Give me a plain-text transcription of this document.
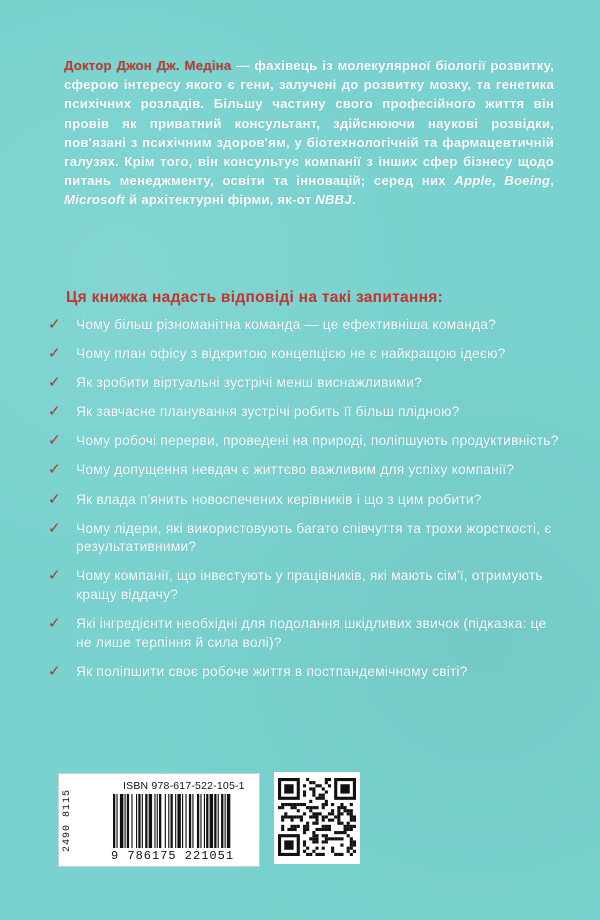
Доктор Джон Дж. Медіна — фахівець із молекулярної біології розвитку, сферою інтересу якого є гени, залучені до розвитку мозку, та генетика психічних розладів. Більшу частину свого професійного життя він провів як приватний консультант, здійснюючи наукові розвідки, пов'язані з психічним здоров'ям, у біотехнологічній та фармацевтичній галузях. Крім того, він консультує компанії з інших сфер бізнесу щодо питань менеджменту, освіти та інновацій; серед них Apple, Boeing, Microsoft й архітектурні фірми, як-от NBBJ.
Ця книжка надасть відповіді на такі запитання:
✓ Чому більш різноманітна команда — це ефективніша команда?
✓ Чому план офісу з відкритою концепцією не є найкращою ідеєю?
✓ Як зробити віртуальні зустрічі менш виснажливими?
✓ Як завчасне планування зустрічі робить її більш плідною?
✓ Чому робочі перерви, проведені на природі, поліпшують продуктивність?
✓ Чому допущення невдач є життєво важливим для успіху компанії?
✓ Як влада п'янить новоспечених керівників і що з цим робити?
✓ Чому лідери, які використовують багато співчуття та трохи жорсткості, є результативними?
✓ Чому компанії, що інвестують у працівників, які мають сім'ї, отримують кращу віддачу?
✓ Які інгредієнти необхідні для подолання шкідливих звичок (підказка: це не лише терпіння й сила волі)?
✓ Як поліпшити своє робоче життя в постпандемічному світі?
2490 8115
ISBN 978-617-522-105-1
9 786175 221051
